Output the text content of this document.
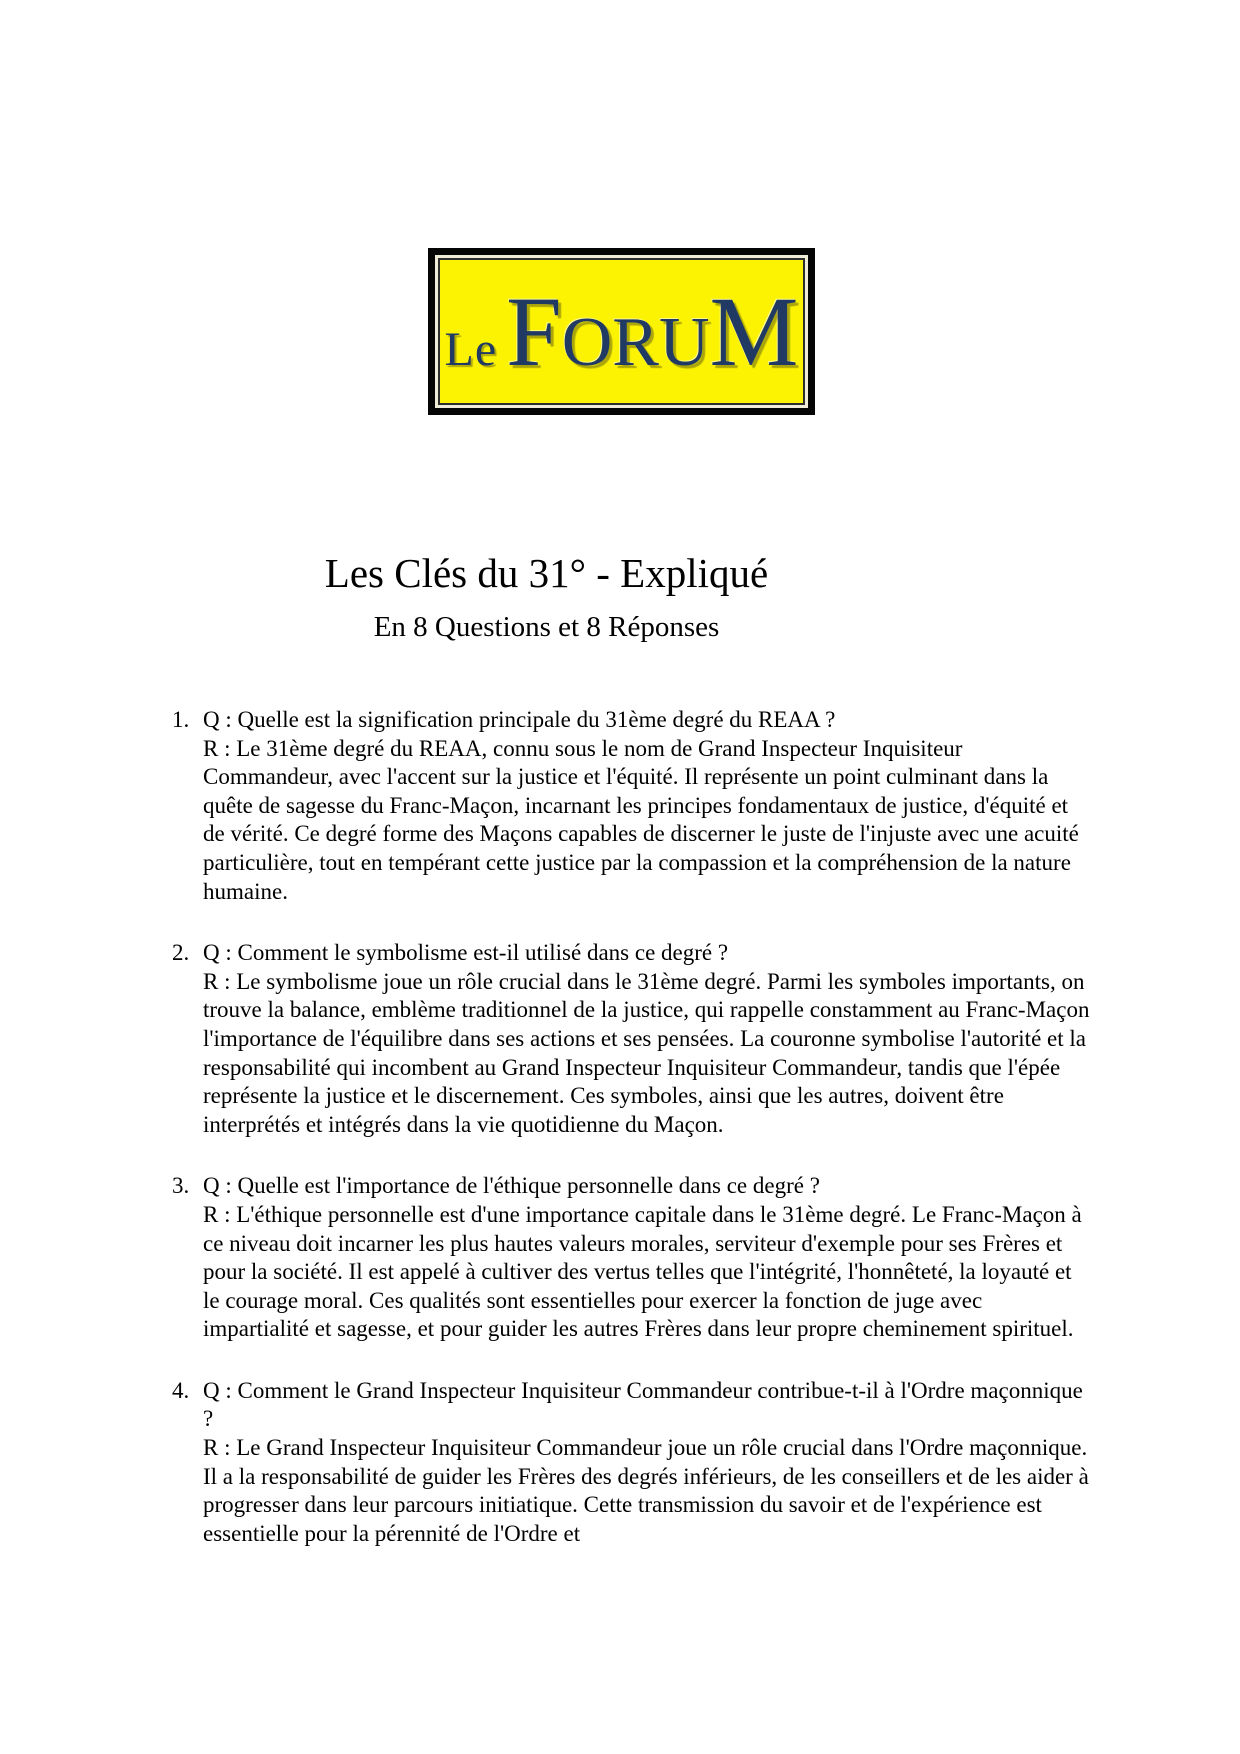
LeForuM
Les Clés du 31° - Expliqué
En 8 Questions et 8 Réponses

1. Q : Quelle est la signification principale du 31ème degré du REAA ?

R : Le 31ème degré du REAA, connu sous le nom de Grand Inspecteur Inquisiteur Commandeur, avec l'accent sur la justice et l'équité. Il représente un point culminant dans la quête de sagesse du Franc-Maçon, incarnant les principes fondamentaux de justice, d'équité et de vérité. Ce degré forme des Maçons capables de discerner le juste de l'injuste avec une acuité particulière, tout en tempérant cette justice par la compassion et la compréhension de la nature humaine.

2. Q : Comment le symbolisme est-il utilisé dans ce degré ?

R : Le symbolisme joue un rôle crucial dans le 31ème degré. Parmi les symboles importants, on trouve la balance, emblème traditionnel de la justice, qui rappelle constamment au Franc-Maçon l'importance de l'équilibre dans ses actions et ses pensées. La couronne symbolise l'autorité et la responsabilité qui incombent au Grand Inspecteur Inquisiteur Commandeur, tandis que l'épée représente la justice et le discernement. Ces symboles, ainsi que les autres, doivent être interprétés et intégrés dans la vie quotidienne du Maçon.

3. Q : Quelle est l'importance de l'éthique personnelle dans ce degré ?

R : L'éthique personnelle est d'une importance capitale dans le 31ème degré. Le Franc-Maçon à ce niveau doit incarner les plus hautes valeurs morales, serviteur d'exemple pour ses Frères et pour la société. Il est appelé à cultiver des vertus telles que l'intégrité, l'honnêteté, la loyauté et le courage moral. Ces qualités sont essentielles pour exercer la fonction de juge avec impartialité et sagesse, et pour guider les autres Frères dans leur propre cheminement spirituel.

4. Q : Comment le Grand Inspecteur Inquisiteur Commandeur contribue-t-il à l'Ordre maçonnique ?

R : Le Grand Inspecteur Inquisiteur Commandeur joue un rôle crucial dans l'Ordre maçonnique. Il a la responsabilité de guider les Frères des degrés inférieurs, de les conseillers et de les aider à progresser dans leur parcours initiatique. Cette transmission du savoir et de l'expérience est essentielle pour la pérennité de l'Ordre et
